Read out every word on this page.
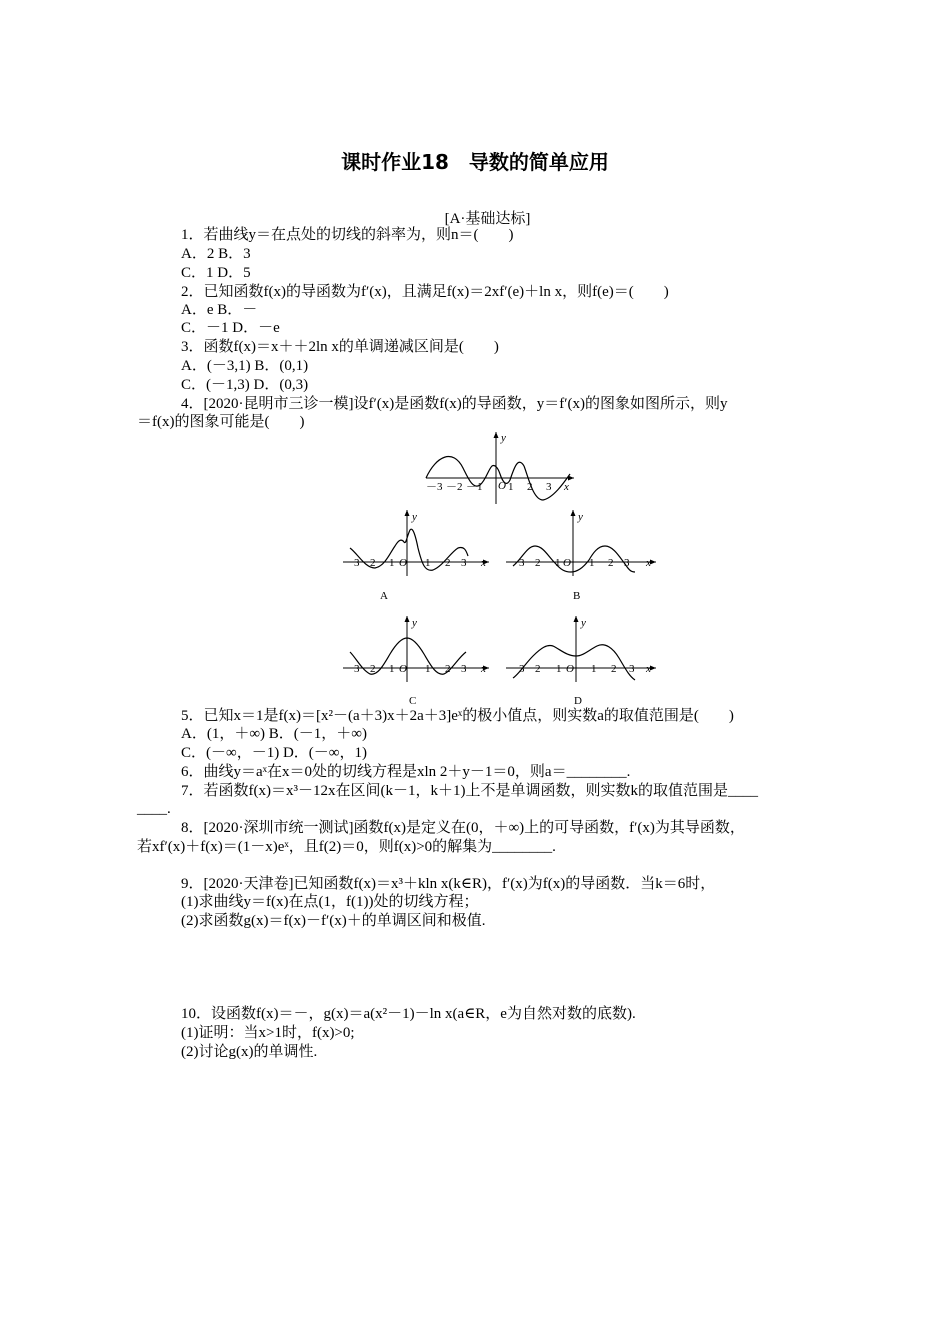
课时作业18　导数的简单应用
[A·基础达标]
1．若曲线y＝在点处的切线的斜率为，则n＝(　　)
A．2 B．3
C．1 D．5
2．已知函数f(x)的导函数为f′(x)，且满足f(x)＝2xf′(e)＋ln x，则f(e)＝(　　)
A．e B．－
C．－1 D．－e
3．函数f(x)＝x＋＋2ln x的单调递减区间是(　　)
A．(－3,1) B．(0,1)
C．(－1,3) D．(0,3)
4．[2020·昆明市三诊一模]设f′(x)是函数f(x)的导函数，y＝f′(x)的图象如图所示，则y
＝f(x)的图象可能是(　　)
y
x
O
－3 －2 －1 1 2 3
y
x
O
－3 －2 －1	1 2 3
A
y
x
O
－3 －2 －1	1 2 3
B
y
x
O
－3 －2 －1	1 2 3
C
y
x
O
－3 －2 －1	1 2 3
D
5．已知x＝1是f(x)＝[x²－(a＋3)x＋2a＋3]eˣ的极小值点，则实数a的取值范围是(　　)
A．(1，＋∞) B．(－1，＋∞)
C．(－∞，－1) D．(－∞，1)
6．曲线y＝aˣ在x＝0处的切线方程是xln 2＋y－1＝0，则a＝________.
7．若函数f(x)＝x³－12x在区间(k－1，k＋1)上不是单调函数，则实数k的取值范围是____
____.
8．[2020·深圳市统一测试]函数f(x)是定义在(0，＋∞)上的可导函数，f′(x)为其导函数，
若xf′(x)＋f(x)＝(1－x)eˣ，且f(2)＝0，则f(x)>0的解集为________.
9．[2020·天津卷]已知函数f(x)＝x³＋kln x(k∈R)，f′(x)为f(x)的导函数．当k＝6时，
(1)求曲线y＝f(x)在点(1，f(1))处的切线方程；
(2)求函数g(x)＝f(x)－f′(x)＋的单调区间和极值.
10．设函数f(x)＝－，g(x)＝a(x²－1)－ln x(a∈R，e为自然对数的底数).
(1)证明：当x>1时，f(x)>0;
(2)讨论g(x)的单调性.
